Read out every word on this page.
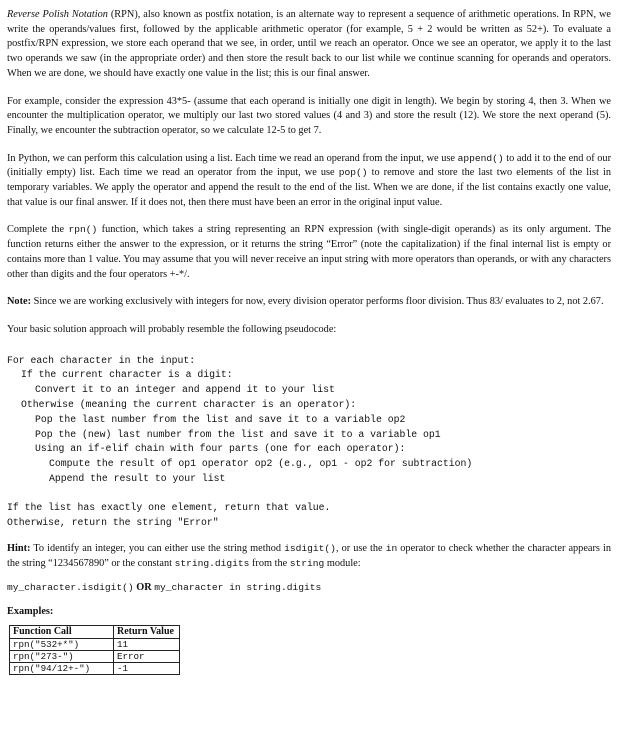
Reverse Polish Notation (RPN), also known as postfix notation, is an alternate way to represent a sequence of arithmetic operations. In RPN, we write the operands/values first, followed by the applicable arithmetic operator (for example, 5 + 2 would be written as 52+). To evaluate a postfix/RPN expression, we store each operand that we see, in order, until we reach an operator. Once we see an operator, we apply it to the last two operands we saw (in the appropriate order) and then store the result back to our list while we continue scanning for operands and operators. When we are done, we should have exactly one value in the list; this is our final answer.

For example, consider the expression 43*5- (assume that each operand is initially one digit in length). We begin by storing 4, then 3. When we encounter the multiplication operator, we multiply our last two stored values (4 and 3) and store the result (12). We store the next operand (5). Finally, we encounter the subtraction operator, so we calculate 12-5 to get 7.

In Python, we can perform this calculation using a list. Each time we read an operand from the input, we use append() to add it to the end of our (initially empty) list. Each time we read an operator from the input, we use pop() to remove and store the last two elements of the list in temporary variables. We apply the operator and append the result to the end of the list. When we are done, if the list contains exactly one value, that value is our final answer. If it does not, then there must have been an error in the original input value.

Complete the rpn() function, which takes a string representing an RPN expression (with single-digit operands) as its only argument. The function returns either the answer to the expression, or it returns the string “Error” (note the capitalization) if the final internal list is empty or contains more than 1 value. You may assume that you will never receive an input string with more operators than operands, or with any characters other than digits and the four operators +-*/.

Note: Since we are working exclusively with integers for now, every division operator performs floor division. Thus 83/ evaluates to 2, not 2.67.

Your basic solution approach will probably resemble the following pseudocode:

For each character in the input:
If the current character is a digit:
Convert it to an integer and append it to your list
Otherwise (meaning the current character is an operator):
Pop the last number from the list and save it to a variable op2
Pop the (new) last number from the list and save it to a variable op1
Using an if-elif chain with four parts (one for each operator):
Compute the result of op1 operator op2 (e.g., op1 - op2 for subtraction)
Append the result to your list
If the list has exactly one element, return that value.
Otherwise, return the string "Error"

Hint: To identify an integer, you can either use the string method isdigit(), or use the in operator to check whether the character appears in the string “1234567890” or the constant string.digits from the string module:

my_character.isdigit() OR my_character in string.digits
Examples:
Function Call	Return Value
rpn("532+*")	11
rpn("273-")	Error
rpn("94/12+-")	-1
